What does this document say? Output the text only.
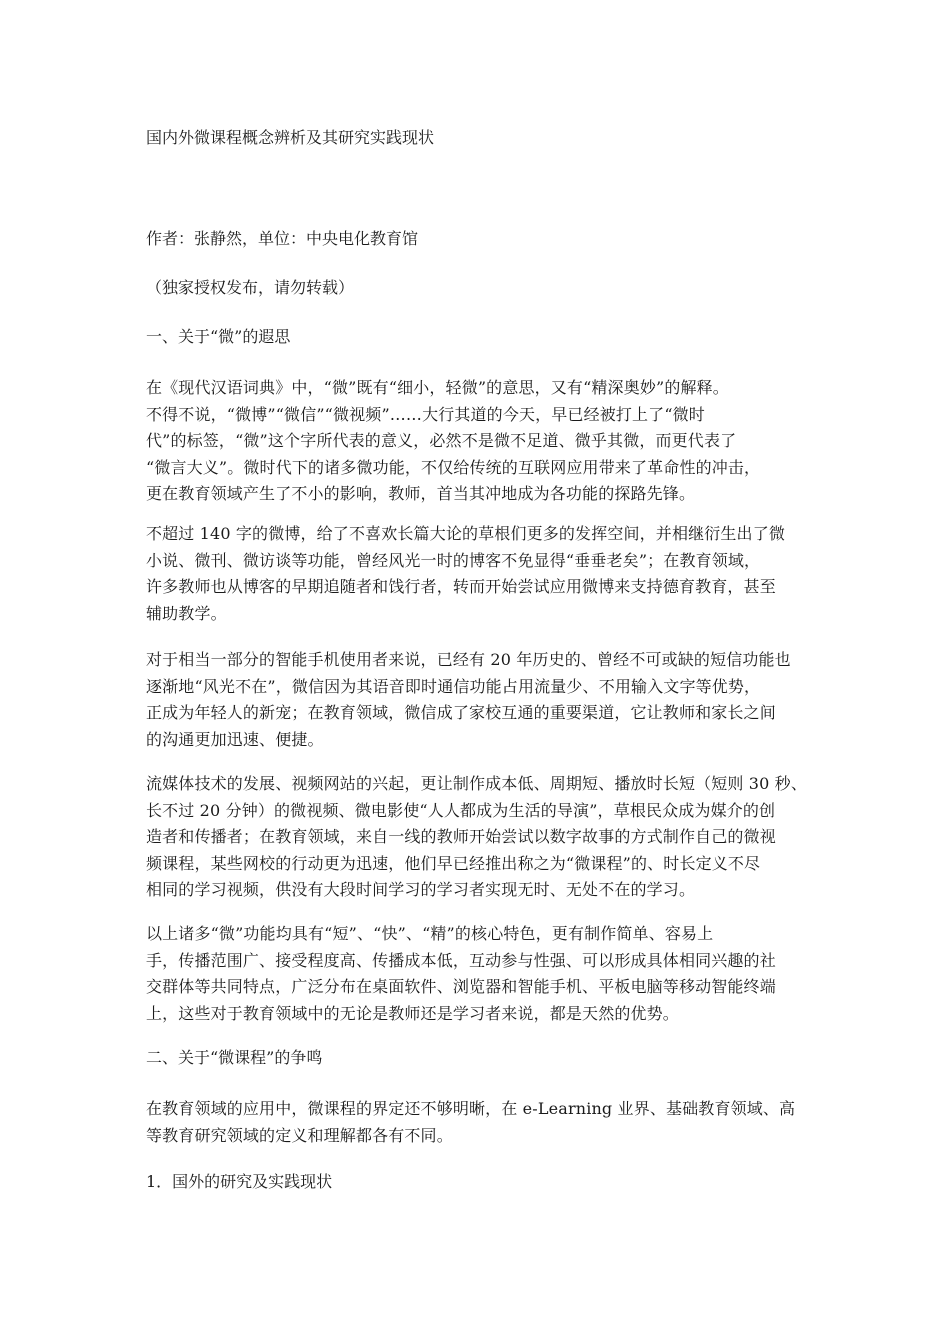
国内外微课程概念辨析及其研究实践现状

作者：张静然，单位：中央电化教育馆

（独家授权发布，请勿转载）

一、关于“微”的遐思

在《现代汉语词典》中，“微”既有“细小，轻微”的意思，又有“精深奥妙”的解释。
不得不说，“微博”“微信”“微视频”……大行其道的今天，早已经被打上了“微时
代”的标签，“微”这个字所代表的意义，必然不是微不足道、微乎其微，而更代表了
“微言大义”。微时代下的诸多微功能，不仅给传统的互联网应用带来了革命性的冲击，
更在教育领域产生了不小的影响，教师，首当其冲地成为各功能的探路先锋。
不超过 140 字的微博，给了不喜欢长篇大论的草根们更多的发挥空间，并相继衍生出了微
小说、微刊、微访谈等功能，曾经风光一时的博客不免显得“垂垂老矣”；在教育领域，
许多教师也从博客的早期追随者和饯行者，转而开始尝试应用微博来支持德育教育，甚至
辅助教学。
对于相当一部分的智能手机使用者来说，已经有 20 年历史的、曾经不可或缺的短信功能也
逐渐地“风光不在”，微信因为其语音即时通信功能占用流量少、不用输入文字等优势，
正成为年轻人的新宠；在教育领域，微信成了家校互通的重要渠道，它让教师和家长之间
的沟通更加迅速、便捷。
流媒体技术的发展、视频网站的兴起，更让制作成本低、周期短、播放时长短（短则 30 秒、
长不过 20 分钟）的微视频、微电影使“人人都成为生活的导演”，草根民众成为媒介的创
造者和传播者；在教育领域，来自一线的教师开始尝试以数字故事的方式制作自己的微视
频课程，某些网校的行动更为迅速，他们早已经推出称之为“微课程”的、时长定义不尽
相同的学习视频，供没有大段时间学习的学习者实现无时、无处不在的学习。
以上诸多“微”功能均具有“短”、“快”、“精”的核心特色，更有制作简单、容易上
手，传播范围广、接受程度高、传播成本低，互动参与性强、可以形成具体相同兴趣的社
交群体等共同特点，广泛分布在桌面软件、浏览器和智能手机、平板电脑等移动智能终端
上，这些对于教育领域中的无论是教师还是学习者来说，都是天然的优势。

二、关于“微课程”的争鸣

在教育领域的应用中，微课程的界定还不够明晰，在 e-Learning 业界、基础教育领域、高
等教育研究领域的定义和理解都各有不同。

1．国外的研究及实践现状
